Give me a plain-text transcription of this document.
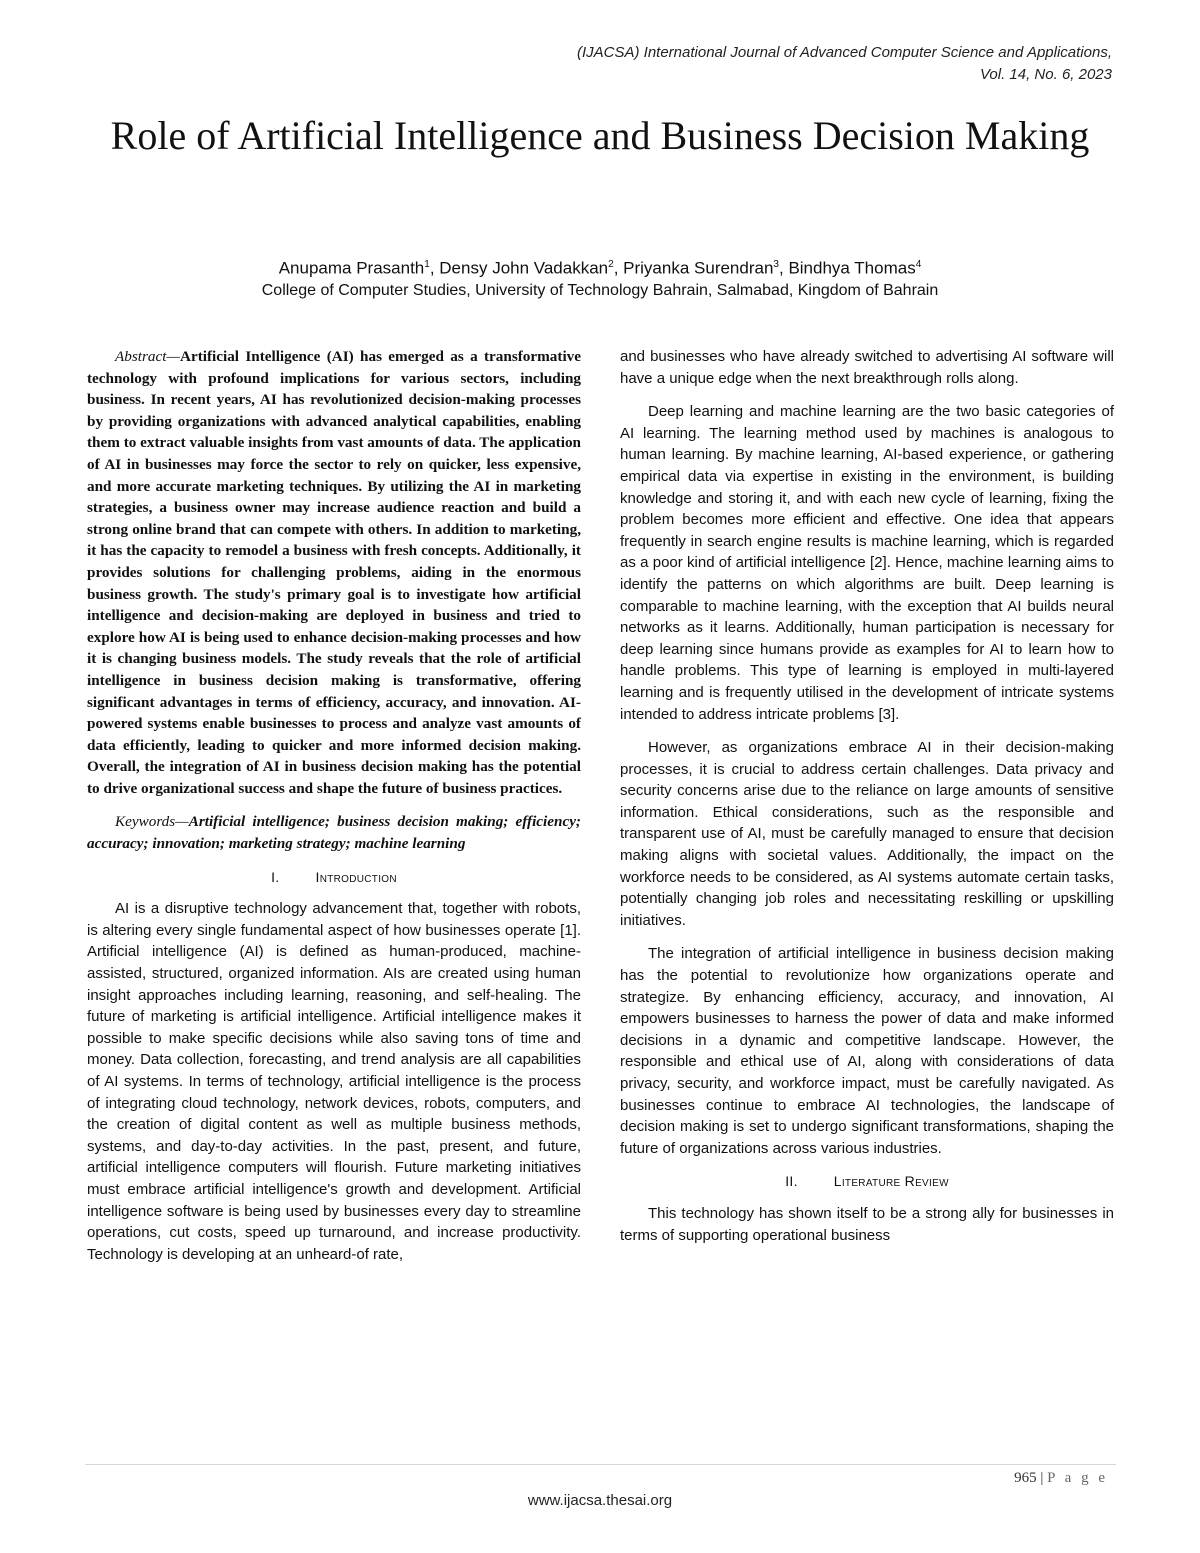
(IJACSA) International Journal of Advanced Computer Science and Applications,
Vol. 14, No. 6, 2023
Role of Artificial Intelligence and Business Decision Making
Anupama Prasanth$^1$, Densy John Vadakkan$^2$, Priyanka Surendran$^3$, Bindhya Thomas$^4$
College of Computer Studies, University of Technology Bahrain, Salmabad, Kingdom of Bahrain

Abstract—Artificial Intelligence (AI) has emerged as a transformative technology with profound implications for various sectors, including business. In recent years, AI has revolutionized decision-making processes by providing organizations with advanced analytical capabilities, enabling them to extract valuable insights from vast amounts of data. The application of AI in businesses may force the sector to rely on quicker, less expensive, and more accurate marketing techniques. By utilizing the AI in marketing strategies, a business owner may increase audience reaction and build a strong online brand that can compete with others. In addition to marketing, it has the capacity to remodel a business with fresh concepts. Additionally, it provides solutions for challenging problems, aiding in the enormous business growth. The study's primary goal is to investigate how artificial intelligence and decision-making are deployed in business and tried to explore how AI is being used to enhance decision-making processes and how it is changing business models. The study reveals that the role of artificial intelligence in business decision making is transformative, offering significant advantages in terms of efficiency, accuracy, and innovation. AI-powered systems enable businesses to process and analyze vast amounts of data efficiently, leading to quicker and more informed decision making. Overall, the integration of AI in business decision making has the potential to drive organizational success and shape the future of business practices.

Keywords—Artificial intelligence; business decision making; efficiency; accuracy; innovation; marketing strategy; machine learning

I.	Introduction

AI is a disruptive technology advancement that, together with robots, is altering every single fundamental aspect of how businesses operate [1]. Artificial intelligence (AI) is defined as human-produced, machine-assisted, structured, organized information. AIs are created using human insight approaches including learning, reasoning, and self-healing. The future of marketing is artificial intelligence. Artificial intelligence makes it possible to make specific decisions while also saving tons of time and money. Data collection, forecasting, and trend analysis are all capabilities of AI systems. In terms of technology, artificial intelligence is the process of integrating cloud technology, network devices, robots, computers, and the creation of digital content as well as multiple business methods, systems, and day-to-day activities. In the past, present, and future, artificial intelligence computers will flourish. Future marketing initiatives must embrace artificial intelligence's growth and development. Artificial intelligence software is being used by businesses every day to streamline operations, cut costs, speed up turnaround, and increase productivity. Technology is developing at an unheard-of rate,

and businesses who have already switched to advertising AI software will have a unique edge when the next breakthrough rolls along.

Deep learning and machine learning are the two basic categories of AI learning. The learning method used by machines is analogous to human learning. By machine learning, AI-based experience, or gathering empirical data via expertise in existing in the environment, is building knowledge and storing it, and with each new cycle of learning, fixing the problem becomes more efficient and effective. One idea that appears frequently in search engine results is machine learning, which is regarded as a poor kind of artificial intelligence [2]. Hence, machine learning aims to identify the patterns on which algorithms are built. Deep learning is comparable to machine learning, with the exception that AI builds neural networks as it learns. Additionally, human participation is necessary for deep learning since humans provide as examples for AI to learn how to handle problems. This type of learning is employed in multi-layered learning and is frequently utilised in the development of intricate systems intended to address intricate problems [3].

However, as organizations embrace AI in their decision-making processes, it is crucial to address certain challenges. Data privacy and security concerns arise due to the reliance on large amounts of sensitive information. Ethical considerations, such as the responsible and transparent use of AI, must be carefully managed to ensure that decision making aligns with societal values. Additionally, the impact on the workforce needs to be considered, as AI systems automate certain tasks, potentially changing job roles and necessitating reskilling or upskilling initiatives.

The integration of artificial intelligence in business decision making has the potential to revolutionize how organizations operate and strategize. By enhancing efficiency, accuracy, and innovation, AI empowers businesses to harness the power of data and make informed decisions in a dynamic and competitive landscape. However, the responsible and ethical use of AI, along with considerations of data privacy, security, and workforce impact, must be carefully navigated. As businesses continue to embrace AI technologies, the landscape of decision making is set to undergo significant transformations, shaping the future of organizations across various industries.

II.	Literature Review

This technology has shown itself to be a strong ally for businesses in terms of supporting operational business

965 | P a g e
www.ijacsa.thesai.org
